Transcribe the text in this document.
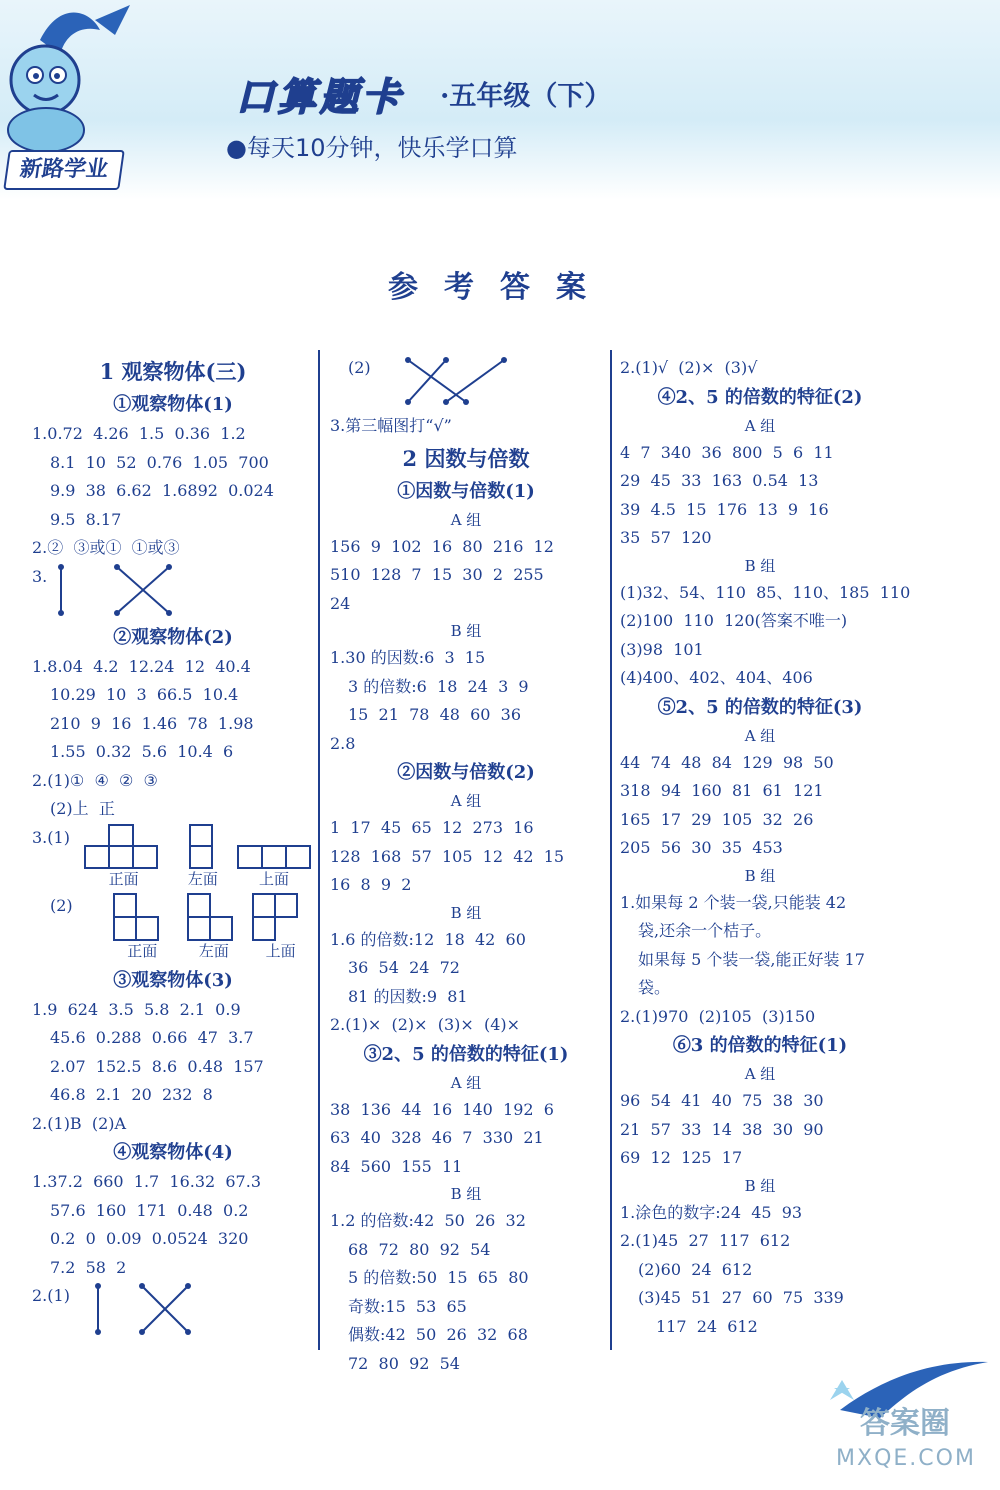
新路学业
口算题卡 ·五年级（下）
●每天10分钟，快乐学口算
参考答案
1 观察物体(三)
①观察物体(1)
1.0.72  4.26  1.5  0.36  1.2
8.1  10  52  0.76  1.05  700
9.9  38  6.62  1.6892  0.024
9.5  8.17
2.②  ③或①  ①或③
3.
②观察物体(2)
1.8.04  4.2  12.24  12  40.4
10.29  10  3  66.5  10.4
210  9  16  1.46  78  1.98
1.55  0.32  5.6  10.4  6
2.(1)①  ④  ②  ③
(2)上  正
3.(1)
正面	左面	上面
(2)
正面	左面	上面
③观察物体(3)
1.9  624  3.5  5.8  2.1  0.9
45.6  0.288  0.66  47  3.7
2.07  152.5  8.6  0.48  157
46.8  2.1  20  232  8
2.(1)B  (2)A
④观察物体(4)
1.37.2  660  1.7  16.32  67.3
57.6  160  171  0.48  0.2
0.2  0  0.09  0.0524  320
7.2  58  2
2.(1)
(2)
3.第三幅图打“√”
2 因数与倍数
①因数与倍数(1)
A 组
156  9  102  16  80  216  12
510  128  7  15  30  2  255
24
B 组
1.30 的因数:6  3  15
3 的倍数:6  18  24  3  9
15  21  78  48  60  36
2.8
②因数与倍数(2)
A 组
1  17  45  65  12  273  16
128  168  57  105  12  42  15
16  8  9  2
B 组
1.6 的倍数:12  18  42  60
36  54  24  72
81 的因数:9  81
2.(1)×  (2)×  (3)×  (4)×
③2、5 的倍数的特征(1)
A 组
38  136  44  16  140  192  6
63  40  328  46  7  330  21
84  560  155  11
B 组
1.2 的倍数:42  50  26  32
68  72  80  92  54
5 的倍数:50  15  65  80
奇数:15  53  65
偶数:42  50  26  32  68
72  80  92  54
2.(1)√  (2)×  (3)√
④2、5 的倍数的特征(2)
A 组
4  7  340  36  800  5  6  11
29  45  33  163  0.54  13
39  4.5  15  176  13  9  16
35  57  120
B 组
(1)32、54、110  85、110、185  110
(2)100  110  120(答案不唯一)
(3)98  101
(4)400、402、404、406
⑤2、5 的倍数的特征(3)
A 组
44  74  48  84  129  98  50
318  94  160  81  61  121
165  17  29  105  32  26
205  56  30  35  453
B 组
1.如果每 2 个装一袋,只能装 42
袋,还余一个桔子。
如果每 5 个装一袋,能正好装 17
袋。
2.(1)970  (2)105  (3)150
⑥3 的倍数的特征(1)
A 组
96  54  41  40  75  38  30
21  57  33  14  38  30  90
69  12  125  17
B 组
1.涂色的数字:24  45  93
2.(1)45  27  117  612
(2)60  24  612
(3)45  51  27  60  75  339
117  24  612
答案圈
MXQE.COM
